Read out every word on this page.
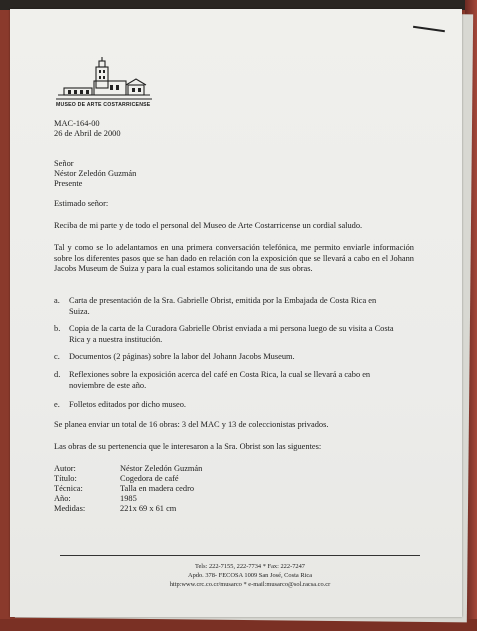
MUSEO DE ARTE COSTARRICENSE
MAC-164-00
26 de Abril de 2000
Señor
Néstor Zeledón Guzmán
Presente
Estimado señor:
Reciba de mi parte y de todo el personal del Museo de Arte Costarricense un cordial saludo.
Tal y como se lo adelantamos en una primera conversación telefónica, me permito enviarle información sobre los diferentes pasos que se han dado en relación con la exposición que se llevará a cabo en el Johann Jacobs Museum de Suiza y para la cual estamos solicitando una de sus obras.
a. Carta de presentación de la Sra. Gabrielle Obrist, emitida por la Embajada de Costa Rica en Suiza.
b. Copia de la carta de la Curadora Gabrielle Obrist enviada a mi persona luego de su visita a Costa Rica y a nuestra institución.
c. Documentos (2 páginas) sobre la labor del Johann Jacobs Museum.
d. Reflexiones sobre la exposición acerca del café en Costa Rica, la cual se llevará a cabo en noviembre de este año.
e. Folletos editados por dicho museo.
Se planea enviar un total de 16 obras: 3 del MAC y 13 de coleccionistas privados.
Las obras de su pertenencia que le interesaron a la Sra. Obrist son las siguentes:
Autor:	Néstor Zeledón Guzmán
Título:	Cogedora de café
Técnica:	Talla en madera cedro
Año:	1985
Medidas:	221x 69 x 61 cm
Tels: 222-7155, 222-7734 * Fax: 222-7247
Apdo. 378- FECOSA 1009 San José, Costa Rica
http:www.crc.co.cr/musarco * e-mail:musarco@sol.racsa.co.cr
